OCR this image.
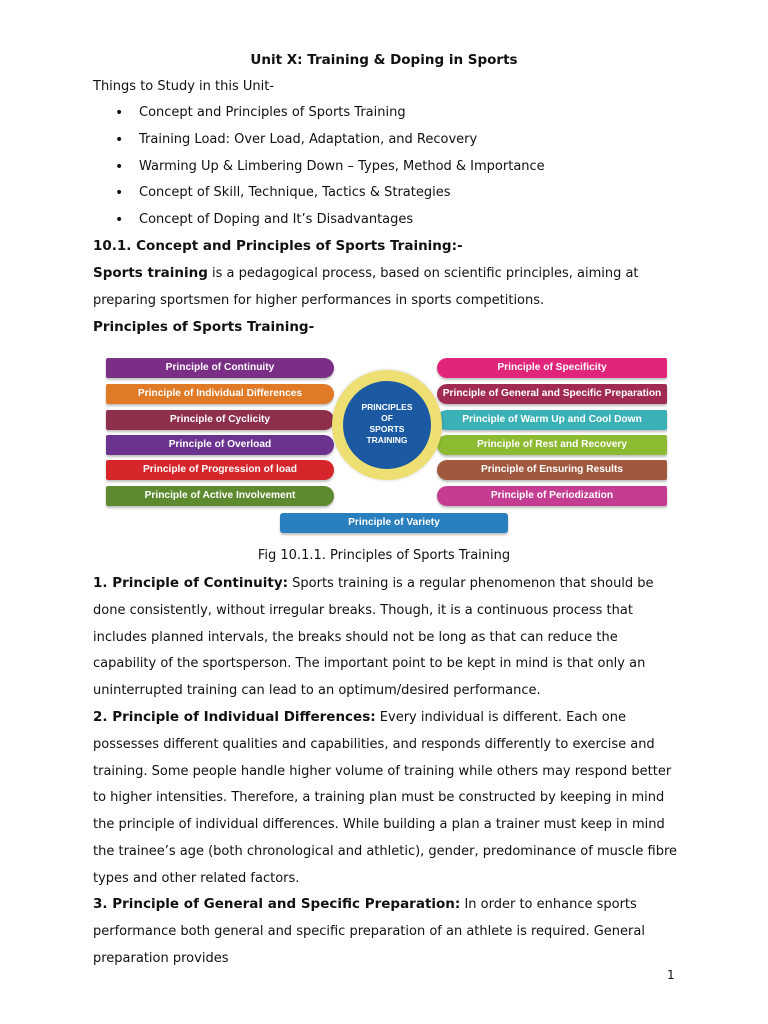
Unit X: Training & Doping in Sports
Things to Study in this Unit-
• Concept and Principles of Sports Training
• Training Load: Over Load, Adaptation, and Recovery
• Warming Up & Limbering Down – Types, Method & Importance
• Concept of Skill, Technique, Tactics & Strategies
• Concept of Doping and It’s Disadvantages
10.1. Concept and Principles of Sports Training:-
Sports training is a pedagogical process, based on scientific principles, aiming at preparing sportsmen for higher performances in sports competitions.
Principles of Sports Training-
Principle of Continuity
Principle of Individual Differences
Principle of Cyclicity
Principle of Overload
Principle of Progression of load
Principle of Active Involvement
Principle of Specificity
Principle of General and Specific Preparation
Principle of Warm Up and Cool Down
Principle of Rest and Recovery
Principle of Ensuring Results
Principle of Periodization
PRINCIPLES
OF
SPORTS
TRAINING
Principle of Variety
Fig 10.1.1. Principles of Sports Training
1. Principle of Continuity: Sports training is a regular phenomenon that should be done consistently, without irregular breaks. Though, it is a continuous process that includes planned intervals, the breaks should not be long as that can reduce the capability of the sportsperson. The important point to be kept in mind is that only an uninterrupted training can lead to an optimum/desired performance.
2. Principle of Individual Differences: Every individual is different. Each one possesses different qualities and capabilities, and responds differently to exercise and training. Some people handle higher volume of training while others may respond better to higher intensities. Therefore, a training plan must be constructed by keeping in mind the principle of individual differences. While building a plan a trainer must keep in mind the trainee’s age (both chronological and athletic), gender, predominance of muscle fibre types and other related factors.
3. Principle of General and Specific Preparation: In order to enhance sports performance both general and specific preparation of an athlete is required. General preparation provides
1
